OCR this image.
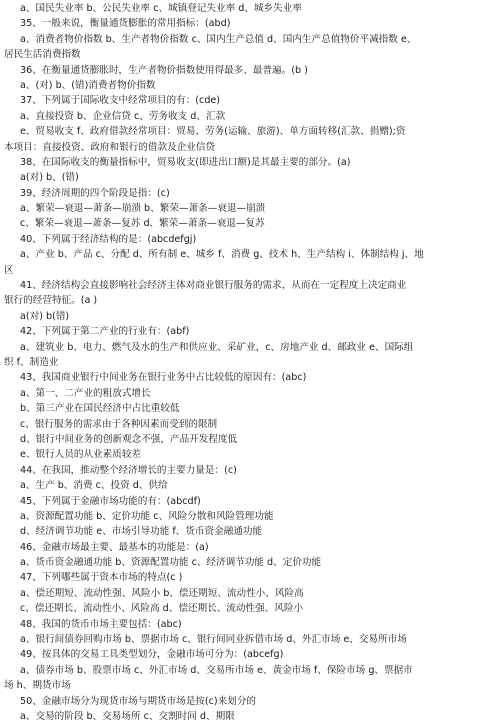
a、国民失业率 b、公民失业率 c、城镇登记失业率 d、城乡失业率
35、一般来说，衡量通货膨胀的常用指标：(abd)
a、消费者物价指数 b、生产者物价指数 c、国内生产总值 d、国内生产总值物价平减指数 e、
居民生活消费指数
36、在衡量通货膨胀时，生产者物价指数使用得最多、最普遍。(b )
a、(对) b、(错)消费者物价指数
37、下列属于国际收支中经常项目的有：(cde)
a、直接投资 b、企业信贷 c、劳务收支 d、汇款
e、贸易收支 f、政府借款经常项目：贸易、劳务(运输、旅游)、单方面转移(汇款、捐赠);资
本项目：直接投资、政府和银行的借款及企业信贷
38、在国际收支的衡量指标中，贸易收支(即进出口额)是其最主要的部分。(a)
a(对) b、(错)
39、经济周期的四个阶段是指：(c)
a、繁荣—衰退—萧条—崩溃 b、繁荣—萧条—衰退—崩溃
c、繁荣—衰退—萧条—复苏 d、繁荣—萧条—衰退—复苏
40、下列属于经济结构的是：(abcdefgj)
a、产业 b、产品 c、分配 d、所有制 e、城乡 f、消费 g、技术 h、生产结构 i、体制结构 j、地
区
41、经济结构会直接影响社会经济主体对商业银行服务的需求，从而在一定程度上决定商业
银行的经营特征。(a )
a(对) b(错)
42、下列属于第二产业的行业有：(abf)
a、建筑业 b、电力、燃气及水的生产和供应业、采矿业，c、房地产业 d、邮政业 e、国际组
织 f、制造业
43、我国商业银行中间业务在银行业务中占比较低的原因有：(abc)
a、第一、二产业的粗放式增长
b、第三产业在国民经济中占比重较低
c、银行服务的需求由于各种因素而受到的限制
d、银行中间业务的创新观念不强，产品开发程度低
e、银行人员的从业素质较差
44、在我国，推动整个经济增长的主要力量是：(c)
a、生产 b、消费 c、投资 d、供给
45、下列属于金融市场功能的有：(abcdf)
a、资源配置功能 b、定价功能 c、风险分散和风险管理功能
d、经济调节功能 e、市场引导功能 f、货币资金融通功能
46、金融市场最主要、最基本的功能是：(a)
a、货币资金融通功能 b、资源配置功能 c、经济调节功能 d、定价功能
47、下列哪些属于资本市场的特点(c )
a、偿还期短、流动性强、风险小 b、偿还期短、流动性小、风险高
c、偿还期长、流动性小、风险高 d、偿还期长、流动性强、风险小
48、我国的货币市场主要包括：(abc)
a、银行间债券回购市场 b、票据市场 c、银行间同业拆借市场 d、外汇市场 e、交易所市场
49、按具体的交易工具类型划分，金融市场可分为：(abcefg)
a、债券市场 b、股票市场 c、外汇市场 d、交易所市场 e、黄金市场 f、保险市场 g、票据市
场 h、期货市场
50、金融市场分为现货市场与期货市场是按(c)来划分的
a、交易的阶段 b、交易场所 c、交割时间 d、期限
